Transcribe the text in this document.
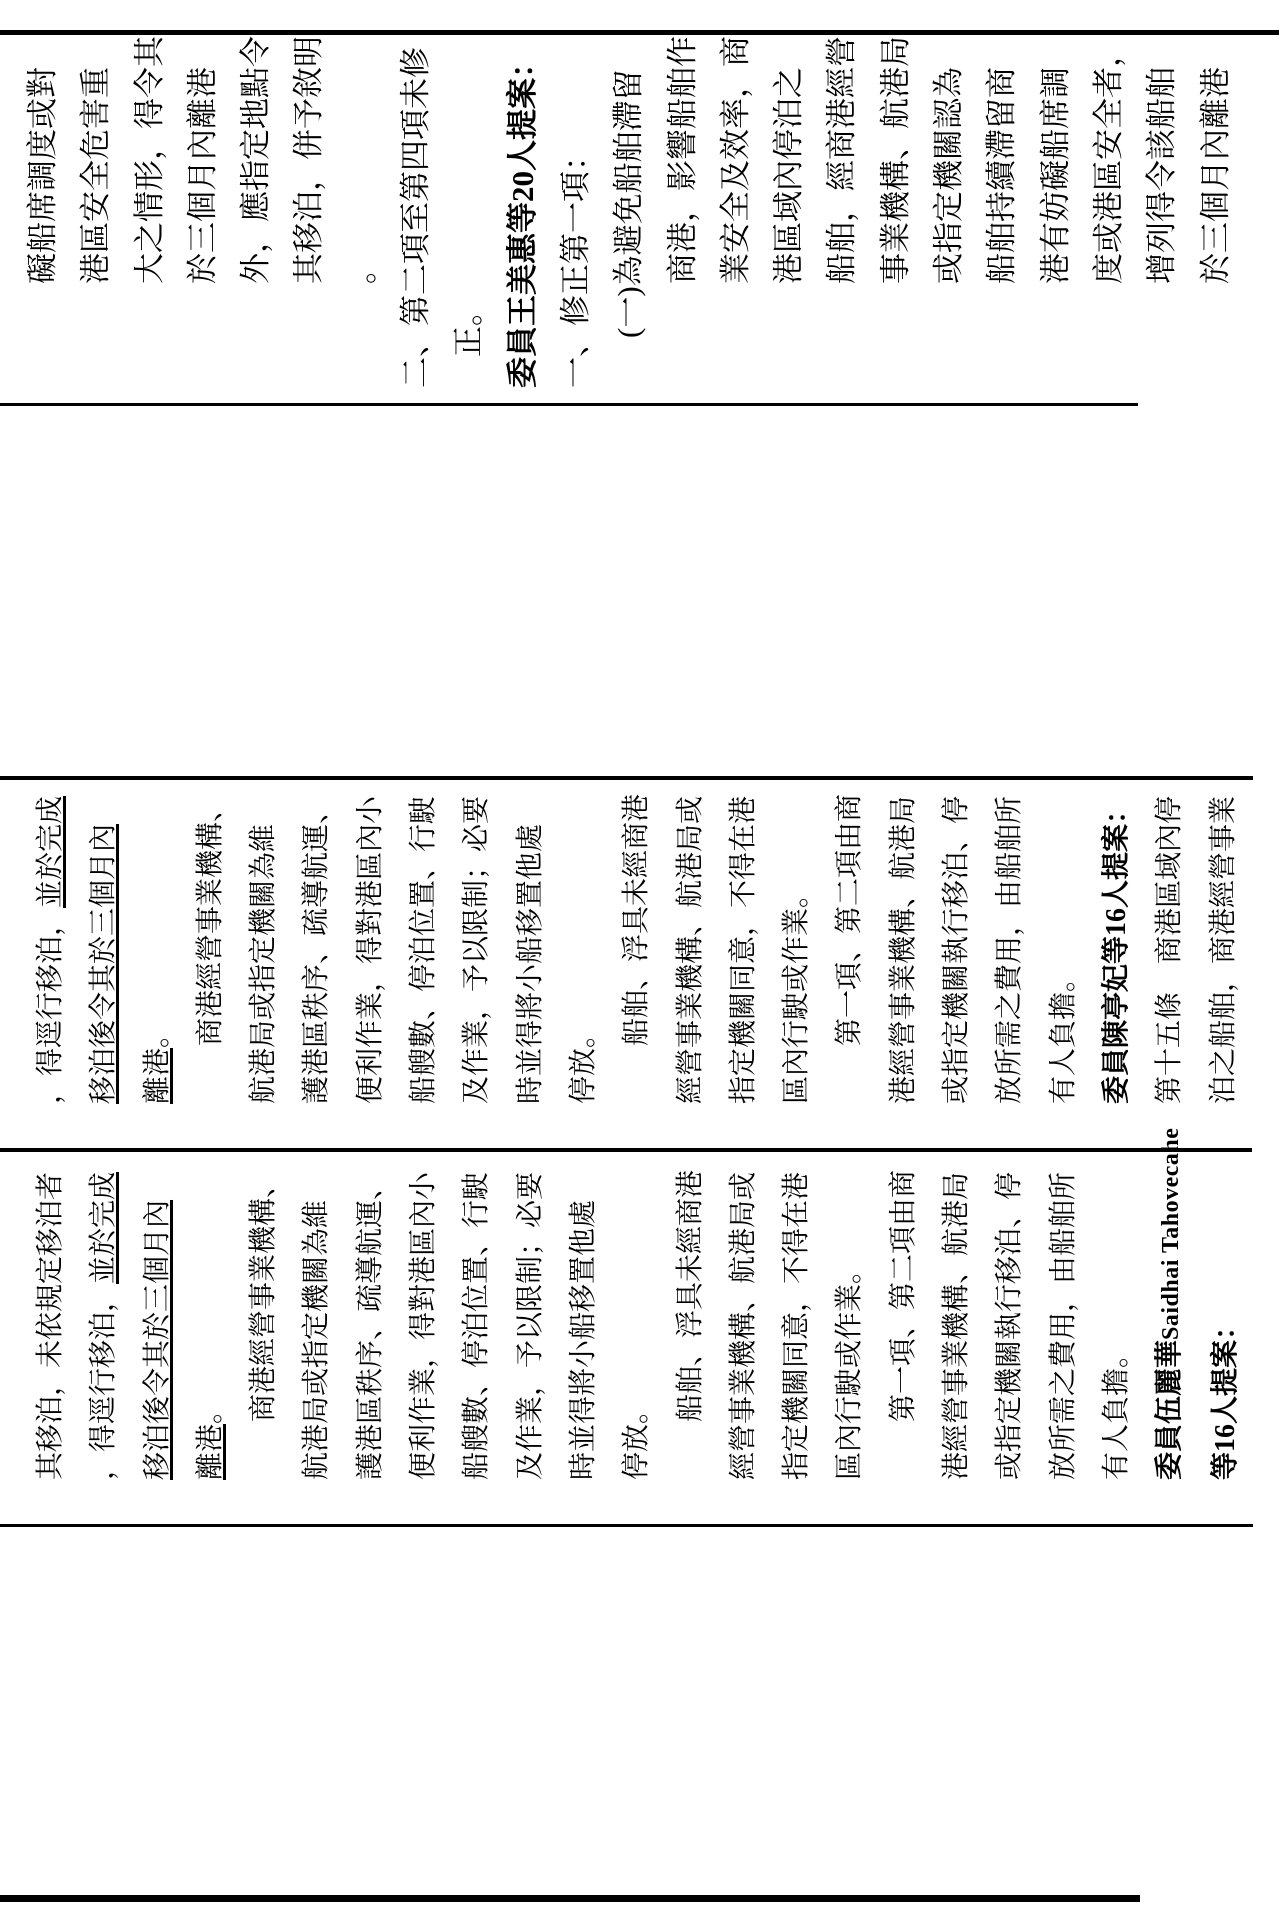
礙船席調度或對 港區安全危害重 大之情形，得令其 於三個月內離港 外，應指定地點令 其移泊，併予敘明 。 二、第二項至第四項未修 正。 委員王美惠等20人提案： 一、修正第一項： (一)為避免船舶滯留 商港，影響船舶作 業安全及效率，商 港區域內停泊之 船舶，經商港經營 事業機構、航港局 或指定機關認為 船舶持續滯留商 港有妨礙船席調 度或港區安全者， 增列得令該船舶 於三個月內離港
，得逕行移泊，並於完成 移泊後令其於三個月內 離港。 商港經營事業機構、 航港局或指定機關為維 護港區秩序、疏導航運、 便利作業，得對港區內小 船艘數、停泊位置、行駛 及作業，予以限制；必要 時並得將小船移置他處 停放。
船舶、浮具未經商港 經營事業機構、航港局或 指定機關同意，不得在港 區內行駛或作業。 第一項、第二項由商 港經營事業機構、航港局 或指定機關執行移泊、停 放所需之費用，由船舶所 有人負擔。 委員陳亭妃等16人提案： 第十五條　商港區域內停 泊之船舶，商港經營事業
其移泊，未依規定移泊者 ，得逕行移泊，並於完成 移泊後令其於三個月內 離港。 商港經營事業機構、 航港局或指定機關為維 護港區秩序、疏導航運、 便利作業，得對港區內小 船艘數、停泊位置、行駛 及作業，予以限制；必要 時並得將小船移置他處 停放。
船舶、浮具未經商港 經營事業機構、航港局或 指定機關同意，不得在港 區內行駛或作業。 第一項、第二項由商 港經營事業機構、航港局 或指定機關執行移泊、停 放所需之費用，由船舶所 有人負擔。 委員伍麗華Saidhai Tahovecahe
等16人提案：
